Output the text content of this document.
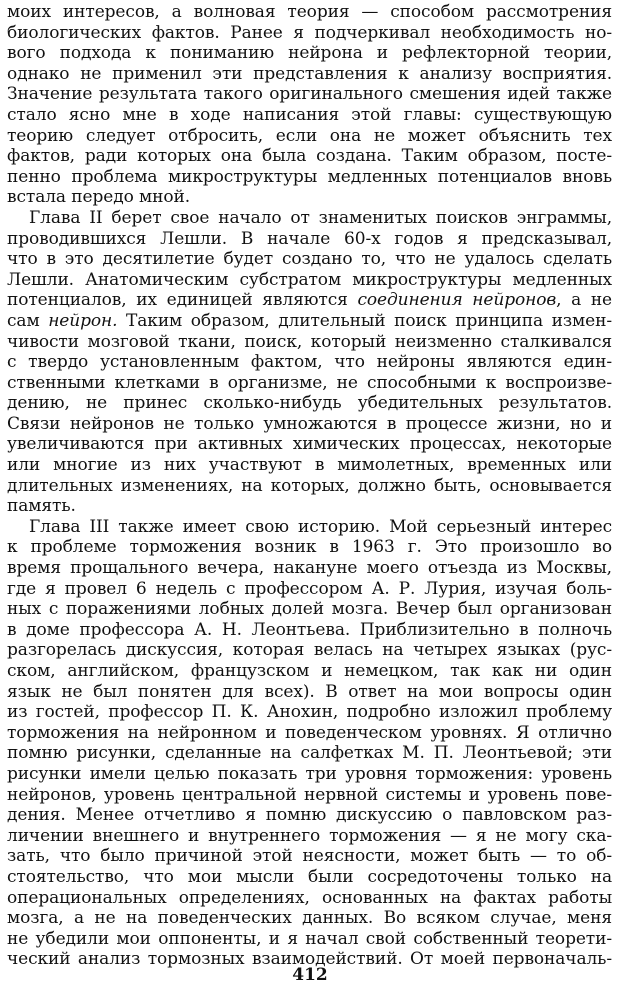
моих интересов, а волновая теория — способом рассмотрения
биологических фактов. Ранее я подчеркивал необходимость но-
вого подхода к пониманию нейрона и рефлекторной теории,
однако не применил эти представления к анализу восприятия.
Значение результата такого оригинального смешения идей также
стало ясно мне в ходе написания этой главы: существующую
теорию следует отбросить, если она не может объяснить тех
фактов, ради которых она была создана. Таким образом, посте-
пенно проблема микроструктуры медленных потенциалов вновь
встала передо мной.
Глава II берет свое начало от знаменитых поисков энграммы,
проводившихся Лешли. В начале 60-х годов я предсказывал,
что в это десятилетие будет создано то, что не удалось сделать
Лешли. Анатомическим субстратом микроструктуры медленных
потенциалов, их единицей являются соединения нейронов, а не
сам нейрон. Таким образом, длительный поиск принципа измен-
чивости мозговой ткани, поиск, который неизменно сталкивался
с твердо установленным фактом, что нейроны являются един-
ственными клетками в организме, не способными к воспроизве-
дению, не принес сколько-нибудь убедительных результатов.
Связи нейронов не только умножаются в процессе жизни, но и
увеличиваются при активных химических процессах, некоторые
или многие из них участвуют в мимолетных, временных или
длительных изменениях, на которых, должно быть, основывается
память.
Глава III также имеет свою историю. Мой серьезный интерес
к проблеме торможения возник в 1963 г. Это произошло во
время прощального вечера, накануне моего отъезда из Москвы,
где я провел 6 недель с профессором А. Р. Лурия, изучая боль-
ных с поражениями лобных долей мозга. Вечер был организован
в доме профессора А. Н. Леонтьева. Приблизительно в полночь
разгорелась дискуссия, которая велась на четырех языках (рус-
ском, английском, французском и немецком, так как ни один
язык не был понятен для всех). В ответ на мои вопросы один
из гостей, профессор П. К. Анохин, подробно изложил проблему
торможения на нейронном и поведенческом уровнях. Я отлично
помню рисунки, сделанные на салфетках М. П. Леонтьевой; эти
рисунки имели целью показать три уровня торможения: уровень
нейронов, уровень центральной нервной системы и уровень пове-
дения. Менее отчетливо я помню дискуссию о павловском раз-
личении внешнего и внутреннего торможения — я не могу ска-
зать, что было причиной этой неясности, может быть — то об-
стоятельство, что мои мысли были сосредоточены только на
операциональных определениях, основанных на фактах работы
мозга, а не на поведенческих данных. Во всяком случае, меня
не убедили мои оппоненты, и я начал свой собственный теорети-
ческий анализ тормозных взаимодействий. От моей первоначаль-
412
